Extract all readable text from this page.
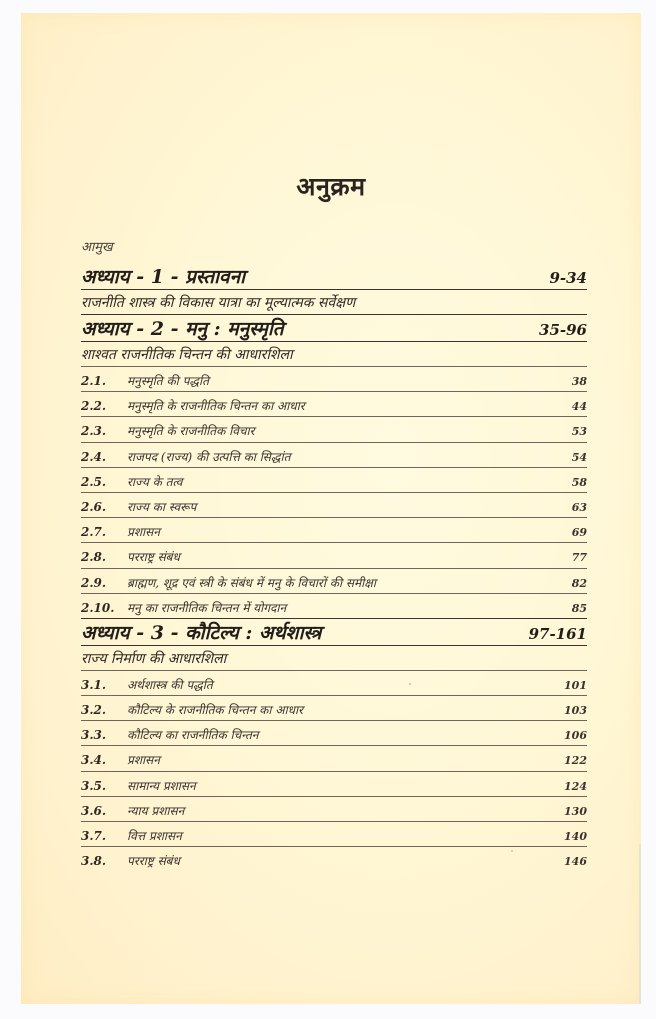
अनुक्रम
आमुख
अध्याय - 1 - प्रस्तावना	9-34
राजनीति शास्त्र की विकास यात्रा का मूल्यात्मक सर्वेक्षण
अध्याय - 2 - मनु : मनुस्मृति	35-96
शाश्वत राजनीतिक चिन्तन की आधारशिला
2.1.	मनुस्मृति की पद्धति	38
2.2.	मनुस्मृति के राजनीतिक चिन्तन का आधार	44
2.3.	मनुस्मृति के राजनीतिक विचार	53
2.4.	राजपद (राज्य) की उत्पत्ति का सिद्धांत	54
2.5.	राज्य के तत्व	58
2.6.	राज्य का स्वरूप	63
2.7.	प्रशासन	69
2.8.	परराष्ट्र संबंध	77
2.9.	ब्राह्मण, शूद्र एवं स्त्री के संबंध में मनु के विचारों की समीक्षा	82
2.10.	मनु का राजनीतिक चिन्तन में योगदान	85
अध्याय - 3 - कौटिल्य : अर्थशास्त्र	97-161
राज्य निर्माण की आधारशिला
3.1.	अर्थशास्त्र की पद्धति	101
3.2.	कौटिल्य के राजनीतिक चिन्तन का आधार	103
3.3.	कौटिल्य का राजनीतिक चिन्तन	106
3.4.	प्रशासन	122
3.5.	सामान्य प्रशासन	124
3.6.	न्याय प्रशासन	130
3.7.	वित्त प्रशासन	140
3.8.	परराष्ट्र संबंध	146
